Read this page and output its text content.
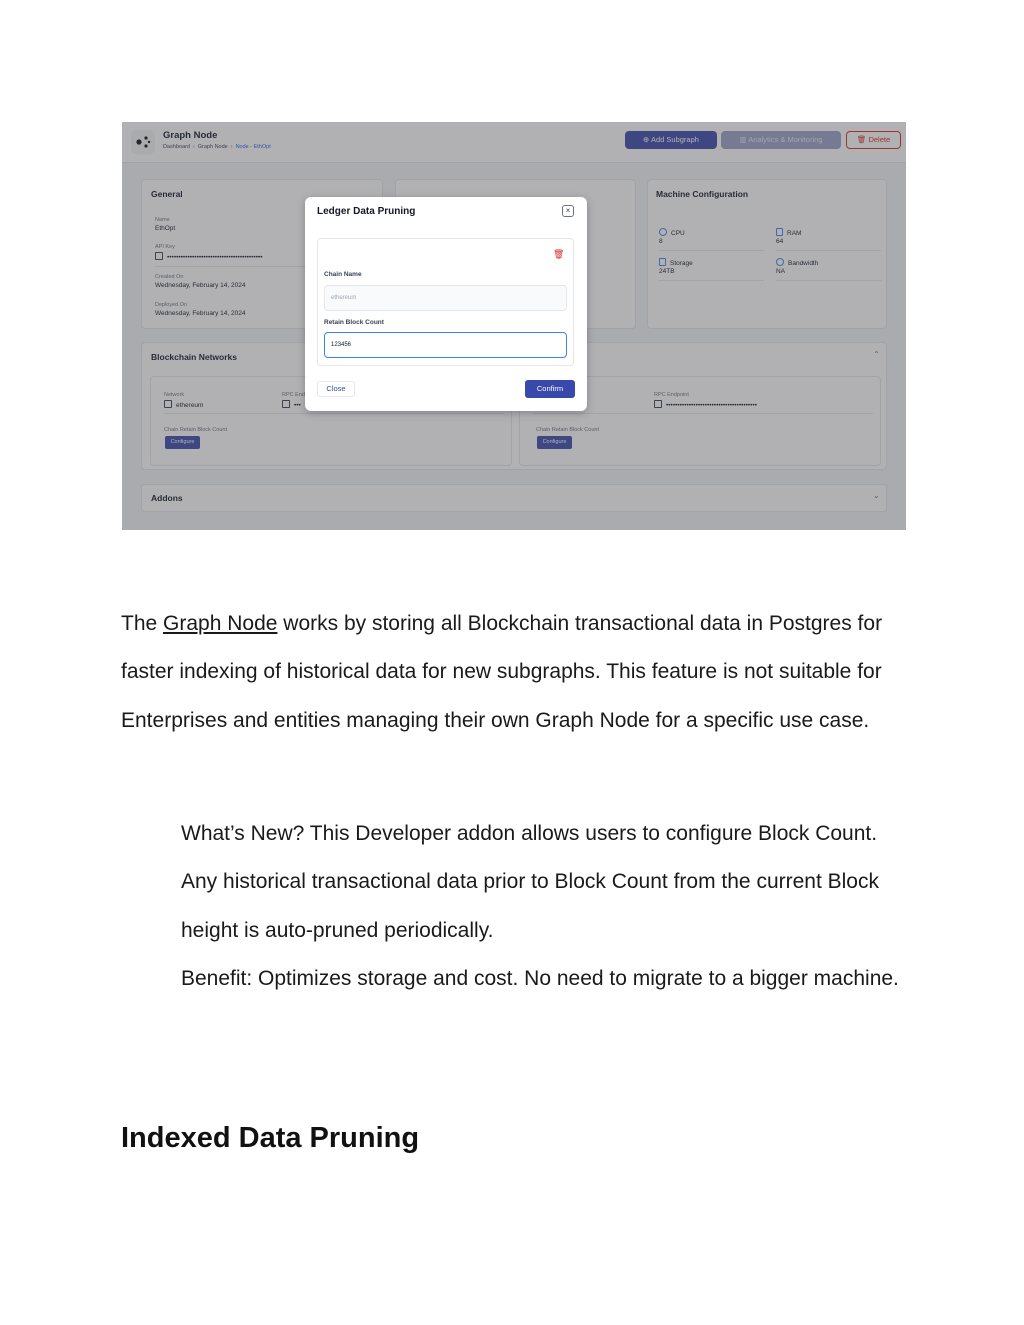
Graph Node
Dashboard › Graph Node › Node - EthOpt
⊕ Add Subgraph	▥ Analytics & Monitoring	🗑 Delete
General
Name
EthOpt
API Key
••••••••••••••••••••••••••••••••••••••••••
Created On
Wednesday, February 14, 2024
Deployed On
Wednesday, February 14, 2024
Machine Configuration
CPU
8
RAM
64
Storage
24TB
Bandwidth
NA
Blockchain Networks	⌃
Network
ethereum
RPC End
•••
Chain Retain Block Count
Configure
RPC Endpoint
••••••••••••••••••••••••••••••••••••••••
Chain Retain Block Count
Configure
Addons	⌄
Ledger Data Pruning	×
🗑
Chain Name
ethereum
Retain Block Count
123456
Close	Confirm
The Graph Node works by storing all Blockchain transactional data in Postgres for faster indexing of historical data for new subgraphs. This feature is not suitable for Enterprises and entities managing their own Graph Node for a specific use case.
What’s New? This Developer addon allows users to configure Block Count. Any historical transactional data prior to Block Count from the current Block height is auto-pruned periodically.
Benefit: Optimizes storage and cost. No need to migrate to a bigger machine.
Indexed Data Pruning
